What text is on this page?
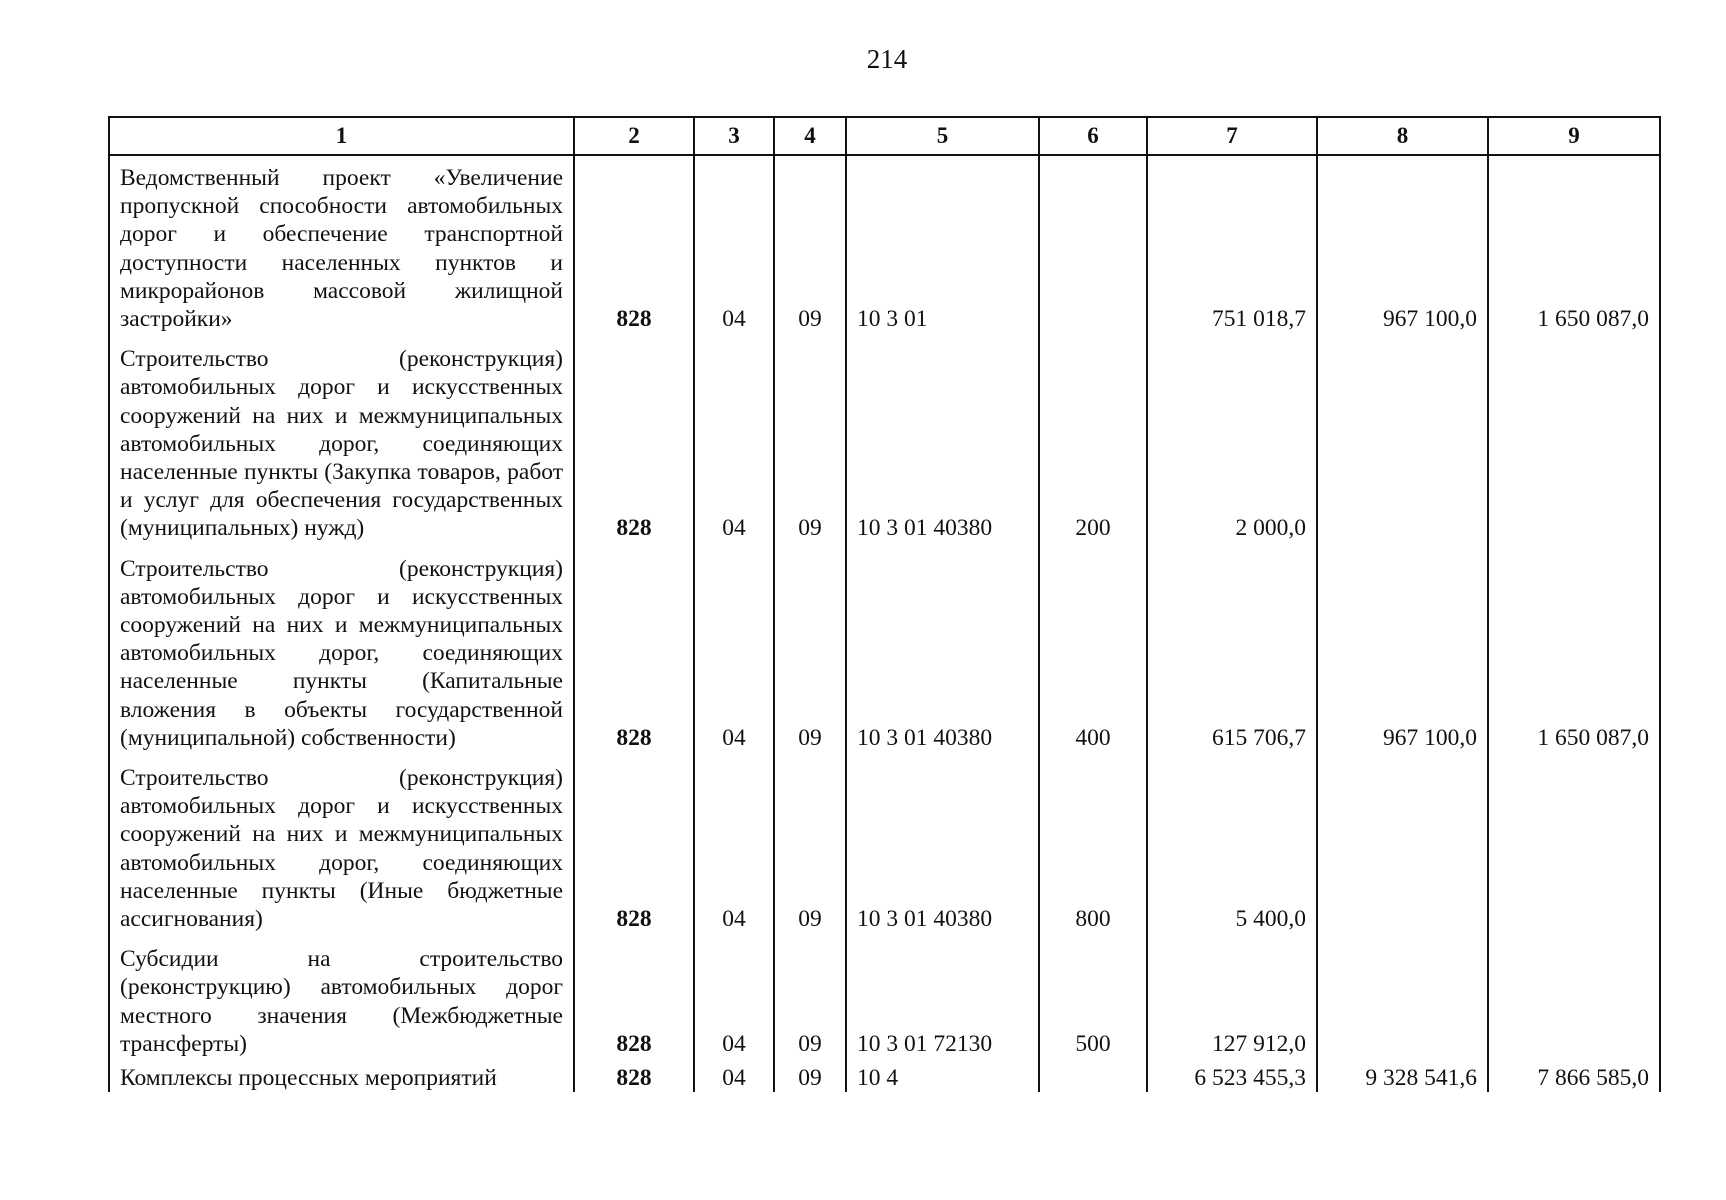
214
1	2	3	4	5	6	7	8	9
Ведомственный проект «Увеличение пропускной способности автомобильных дорог и обеспечение транспортной доступности населенных пунктов и микрорайонов массовой жилищной застройки»	828	04	09	10 3 01		751 018,7	967 100,0	1 650 087,0
Строительство (реконструкция) автомобильных дорог и искусственных сооружений на них и межмуниципальных автомобильных дорог, соединяющих населенные пункты (Закупка товаров, работ и услуг для обеспечения государственных (муниципальных) нужд)	828	04	09	10 3 01 40380	200	2 000,0		
Строительство (реконструкция) автомобильных дорог и искусственных сооружений на них и межмуниципальных автомобильных дорог, соединяющих населенные пункты (Капитальные вложения в объекты государственной (муниципальной) собственности)	828	04	09	10 3 01 40380	400	615 706,7	967 100,0	1 650 087,0
Строительство (реконструкция) автомобильных дорог и искусственных сооружений на них и межмуниципальных автомобильных дорог, соединяющих населенные пункты (Иные бюджетные ассигнования)	828	04	09	10 3 01 40380	800	5 400,0		
Субсидии на строительство (реконструкцию) автомобильных дорог местного значения (Межбюджетные трансферты)	828	04	09	10 3 01 72130	500	127 912,0		
Комплексы процессных мероприятий	828	04	09	10 4		6 523 455,3	9 328 541,6	7 866 585,0
